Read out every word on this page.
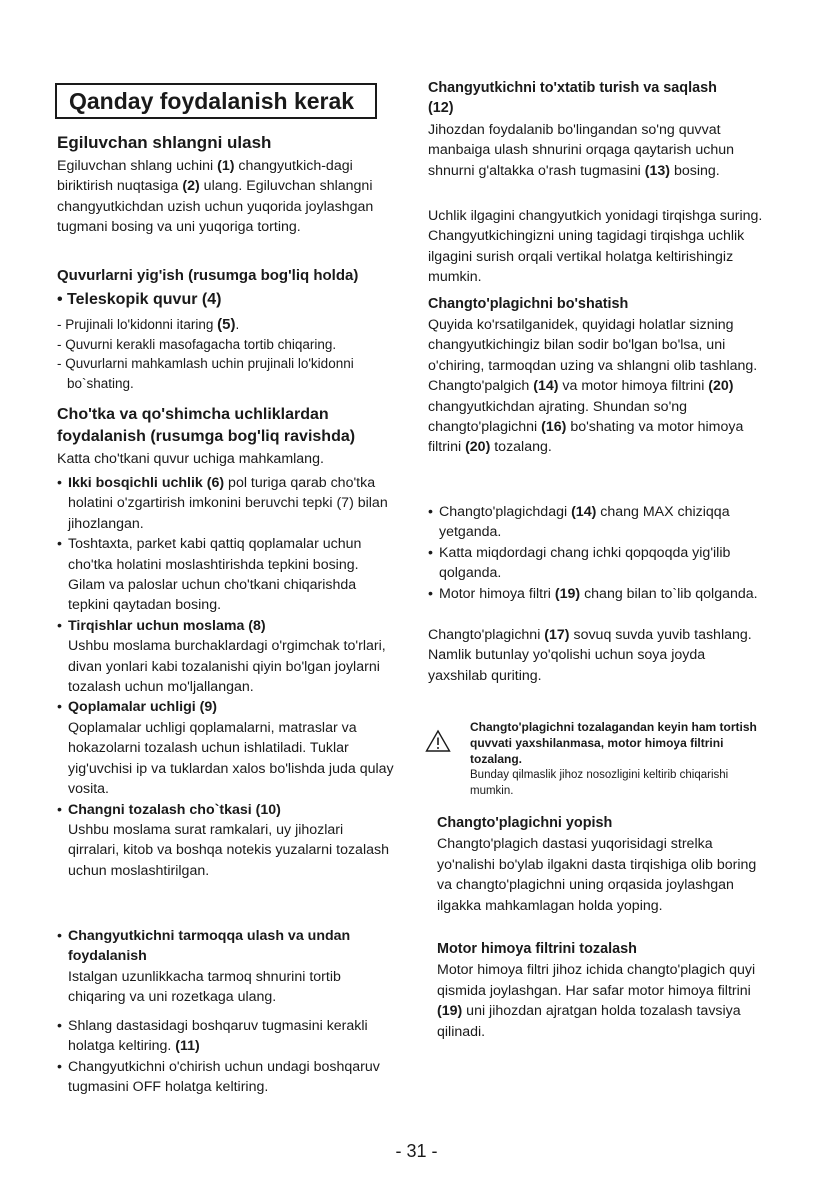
Qanday foydalanish kerak
Egiluvchan shlangni ulash

Egiluvchan shlang uchini (1) changyutkich-dagi biriktirish nuqtasiga (2) ulang. Egiluvchan shlangni changyutkichdan uzish uchun yuqorida joylashgan tugmani bosing va uni yuqoriga torting.

Quvurlarni yig'ish (rusumga bog'liq holda)
• Teleskopik quvur (4)

- Prujinali lo'kidonni itaring (5).

- Quvurni kerakli masofagacha tortib chiqaring.

- Quvurlarni mahkamlash uchin prujinali lo'kidonni bo`shating.

Cho'tka va qo'shimcha uchliklardan foydalanish (rusumga bog'liq ravishda)

Katta cho'tkani quvur uchiga mahkamlang.

• Ikki bosqichli uchlik (6) pol turiga qarab cho'tka holatini o'zgartirish imkonini beruvchi tepki (7) bilan jihozlangan.
• Toshtaxta, parket kabi qattiq qoplamalar uchun cho'tka holatini moslashtirishda tepkini bosing. Gilam va paloslar uchun cho'tkani chiqarishda tepkini qaytadan bosing.
• Tirqishlar uchun moslama (8)
Ushbu moslama burchaklardagi o'rgimchak to'rlari, divan yonlari kabi tozalanishi qiyin bo'lgan joylarni tozalash uchun mo'ljallangan.
• Qoplamalar uchligi (9)
Qoplamalar uchligi qoplamalarni, matraslar va hokazolarni tozalash uchun ishlatiladi. Tuklar yig'uvchisi ip va tuklardan xalos bo'lishda juda qulay vosita.
• Changni tozalash cho`tkasi (10)
Ushbu moslama surat ramkalari, uy jihozlari qirralari, kitob va boshqa notekis yuzalarni tozalash uchun moslashtirilgan.
• Changyutkichni tarmoqqa ulash va undan foydalanish
Istalgan uzunlikkacha tarmoq shnurini tortib chiqaring va uni rozetkaga ulang.
• Shlang dastasidagi boshqaruv tugmasini kerakli holatga keltiring. (11)
• Changyutkichni o'chirish uchun undagi boshqaruv tugmasini OFF holatga keltiring.
Changyutkichni to'xtatib turish va saqlash (12)

Jihozdan foydalanib bo'lingandan so'ng quvvat manbaiga ulash shnurini orqaga qaytarish uchun shnurni g'altakka o'rash tugmasini (13) bosing.

Uchlik ilgagini changyutkich yonidagi tirqishga suring. Changyutkichingizni uning tagidagi tirqishga uchlik ilgagini surish orqali vertikal holatga keltirishingiz mumkin.

Changto'plagichni bo'shatish

Quyida ko'rsatilganidek, quyidagi holatlar sizning changyutkichingiz bilan sodir bo'lgan bo'lsa, uni o'chiring, tarmoqdan uzing va shlangni olib tashlang. Changto'palgich (14) va motor himoya filtrini (20) changyutkichdan ajrating. Shundan so'ng changto'plagichni (16) bo'shating va motor himoya filtrini (20) tozalang.

• Changto'plagichdagi (14) chang MAX chiziqqa yetganda.
• Katta miqdordagi chang ichki qopqoqda yig'ilib qolganda.
• Motor himoya filtri (19) chang bilan to`lib qolganda.

Changto'plagichni (17) sovuq suvda yuvib tashlang.

Namlik butunlay yo'qolishi uchun soya joyda yaxshilab quriting.

Changto'plagichni yopish

Changto'plagich dastasi yuqorisidagi strelka yo'nalishi bo'ylab ilgakni dasta tirqishiga olib boring va changto'plagichni uning orqasida joylashgan ilgakka mahkamlagan holda yoping.

Motor himoya filtrini tozalash

Motor himoya filtri jihoz ichida changto'plagich quyi qismida joylashgan. Har safar motor himoya filtrini (19) uni jihozdan ajratgan holda tozalash tavsiya qilinadi.

Changto'plagichni tozalagandan keyin ham tortish quvvati yaxshilanmasa, motor himoya filtrini tozalang.
Bunday qilmaslik jihoz nosozligini keltirib chiqarishi mumkin.
- 31 -
